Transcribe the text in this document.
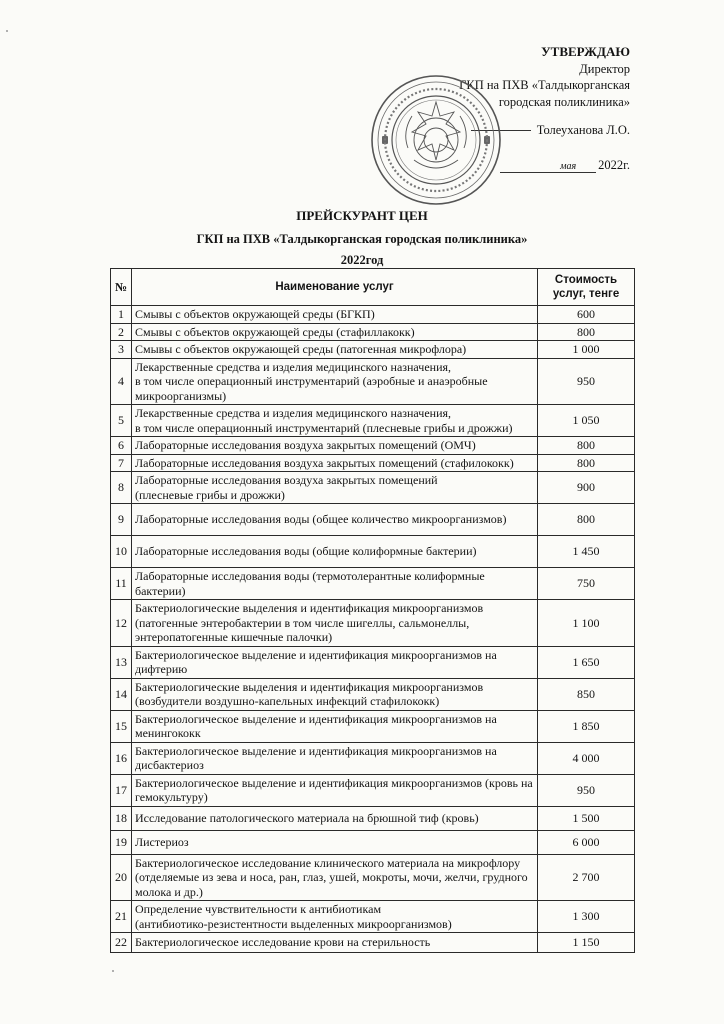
УТВЕРЖДАЮ
Директор
ГКП на ПХВ «Талдыкорганская
городская поликлиника»
Толеуханова Л.О.
$_{мая}$ 2022г.
ПРЕЙСКУРАНТ ЦЕН
ГКП на ПХВ «Талдыкорганская городская поликлиника»
2022год
№	Наименование услуг	Стоимость
услуг, тенге

1	Смывы с объектов окружающей среды (БГКП)	600
2	Смывы с объектов окружающей среды (стафиллакокк)	800
3	Смывы с объектов окружающей среды (патогенная микрофлора)	1 000
4	Лекарственные средства и изделия медицинского назначения,
в том числе операционный инструментарий (аэробные и анаэробные микроорганизмы)	950
5	Лекарственные средства и изделия медицинского назначения,
в том числе операционный инструментарий (плесневые грибы и дрожжи)	1 050
6	Лабораторные исследования воздуха закрытых помещений (ОМЧ)	800
7	Лабораторные исследования воздуха закрытых помещений (стафилококк)	800
8	Лабораторные исследования воздуха закрытых помещений
(плесневые грибы и дрожжи)	900
9	Лабораторные исследования воды (общее количество микроорганизмов)	800
10	Лабораторные исследования воды (общие колиформные бактерии)	1 450
11	Лабораторные исследования воды (термотолерантные колиформные бактерии)	750
12	Бактериологические выделения и идентификация микроорганизмов (патогенные энтеробактерии в том числе шигеллы, сальмонеллы, энтеропатогенные кишечные палочки)	1 100
13	Бактериологическое выделение и идентификация микроорганизмов на дифтерию	1 650
14	Бактериологические выделения и идентификация микроорганизмов (возбудители воздушно-капельных инфекций стафилококк)	850
15	Бактериологическое выделение и идентификация микроорганизмов на менингококк	1 850
16	Бактериологическое выделение и идентификация микроорганизмов на дисбактериоз	4 000
17	Бактериологическое выделение и идентификация микроорганизмов (кровь на гемокультуру)	950
18	Исследование патологического материала на брюшной тиф (кровь)	1 500
19	Листериоз	6 000
20	Бактериологическое исследование клинического материала на микрофлору (отделяемые из зева и носа, ран, глаз, ушей, мокроты, мочи, желчи, грудного молока и др.)	2 700
21	Определение чувствительности к антибиотикам
(антибиотико-резистентности выделенных микроорганизмов)	1 300
22	Бактериологическое исследование крови на стерильность	1 150
